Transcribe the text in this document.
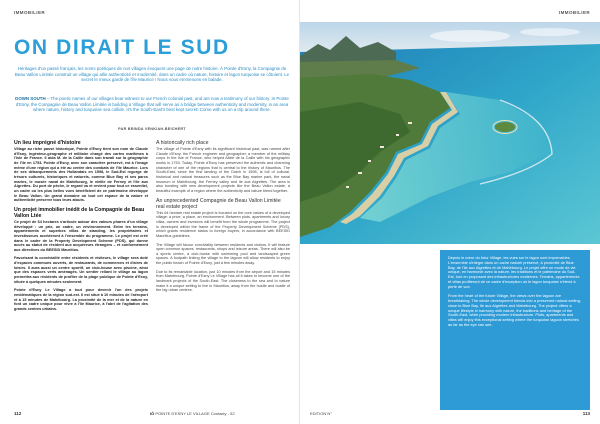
IMMOBILIER
ON DIRAIT LE SUD
Héritages d'un passé français, les noms poétiques de nos villages évoquent une page de notre histoire. À Pointe d'Esny, la Compagnie de Beau Vallon Limitée construit un village qui allie authenticité et modernité, dans un cadre où nature, histoire et lagon turquoise se côtoient. Le secret le mieux gardé de l'île Maurice ! Nous vous emmenons en balade.
DOWN SOUTH – The poetic names of our villages bear witness to our French colonial past, and are now a testimony of our history. In Pointe d'Esny, the Compagnie de Beau Vallon Limitée is building a Village that will serve as a bridge between authenticity and modernity, in an area where nature, history and turquoise sea collide. It's the South-East's best kept secret! Come with us on a trip around there.
PAR BRINDA VENKIAH-BEICHERT
Un lieu imprégné d'histoire
Village au riche passé historique, Pointe d'Esny tient son nom de Claude d'Esny, ingénieur-géographe et militaire chargé des cartes maritimes à l'Isle de France. Il aida M. de la Caille dans son travail sur la géographie de l'île en 1753. Pointe d'Esny, avec son caractère préservé, est à l'image même d'une région qui a été au centre des combats de l'île Maurice. Lors de ses débarquements des Hollandais en 1598, le Sud-Est regorge de trésors culturels, historiques et naturels, comme Blue Bay et ses parcs marins, le musée naval de Mahébourg, le vieille de Ferney et l'île aux Aigrettes. Du port de pêche, le regard va et revient pour tout ce essentiel, un cadre où les plus belles vues bénéficient de ce patrimoine développe le Beau Vallon. Un grand domaine où tout cet espace de la nature et authenticité préserve tous leurs atouts.
Un projet immobilier inédit de la Compagnie de Beau Vallon Ltée
Ce projet de 64 hectares s'articule autour des valeurs phares d'un village développé : un prix, un cadre, un environnement. Entre les terrains, appartements et superbes villas de standing, les propriétaires et investisseurs accéderont à l'ensemble du programme. Le projet est créé dans le cadre de la Property Development Scheme (PDS), qui donne accès au statut de résident aux acquéreurs étrangers – et conformément aux directives du BEESID Mauritius.
Favorisant la convivialité entre résidents et visiteurs, le village sera doté d'espaces communs ouverts, de restaurants, de commerces et d'aires de loisirs. Il aura aussi un centre sportif, un club-house avec piscine, ainsi que des espaces verts aménagés. Un sentier reliant le village au lagon permettra aux résidents de profiter de la plage publique de Pointe d'Esny, située à quelques minutes seulement.
Pointe d'Esny Le Village a tout pour devenir l'un des projets emblématiques de la région sud-est. Il est situé à 10 minutes de l'aéroport et à 15 minutes de Mahébourg. La proximité de la mer et de la nature en font un cadre unique pour vivre à l'île Maurice, à l'abri de l'agitation des grands centres urbains.
A historically rich place
The village of Pointe d'Esny with its significant historical past, was named after Claude d'Esny, the French engineer and geographer, a member of the military corps in the Isle of France, who helped Abbé de la Caille with his geographic works in 1753. Today, Pointe d'Esny has preserved the authentic and charming character of one of the regions that is central to the history of Mauritius. The South-East, since the first landing of the Dutch in 1598, is full of cultural, historical and natural treasures such as the Blue Bay marine park, the naval museum in Mahébourg, the Ferney valley and Ile aux Aigrettes. The area is also bursting with new development projects like the Beau Vallon estate, a beautiful example of a region where the authenticity and nature blend together.
An unprecedented Compagnie de Beau Vallon Limitée real estate project
This 64 hectare real estate project is focused on the core values of a developed village: a price, a place, an environment. Between plots, apartments and luxury villas, owners and investors will benefit from the whole programme. The project is developed within the frame of the Property Development Scheme (PDS), which grants residence status to foreign buyers, in accordance with BEESID Mauritius guidelines.
The Village will favour conviviality between residents and visitors. It will feature open common spaces, restaurants, shops and leisure areas. There will also be a sports centre, a club-house with swimming pool and landscaped green spaces. A footpath linking the village to the lagoon will allow residents to enjoy the public beach of Pointe d'Esny, just a few minutes away.
Due to its remarkable location, just 10 minutes from the airport and 15 minutes from Mahébourg, Pointe d'Esny Le Village has all it takes to become one of the landmark projects of the South-East. The closeness to the sea and to nature make it a unique setting to live in Mauritius, away from the hustle and bustle of the big urban centres.
112	IÔ POINTE D'ESNY LE VILLAGE Contacty - 52
IMMOBILIER
Depuis le cœur du futur Village, les vues sur le lagon sont imprenables. L'ensemble s'intègre dans un cadre naturel préservé, à proximité de Blue Bay, de l'île aux Aigrettes et de Mahébourg. Le projet offre un mode de vie unique, en harmonie avec la nature, les traditions et le patrimoine du Sud-Est, tout en proposant des infrastructures modernes. Terrains, appartements et villas profiteront de ce cadre d'exception où le lagon turquoise s'étend à perte de vue.
From the heart of the future Village, the views over the lagoon are breathtaking. The whole development blends into a preserved natural setting, close to Blue Bay, Ile aux Aigrettes and Mahébourg. The project offers a unique lifestyle in harmony with nature, the traditions and heritage of the South-East, while providing modern infrastructure. Plots, apartments and villas will enjoy this exceptional setting where the turquoise lagoon stretches as far as the eye can see.
EDITION N°	113
